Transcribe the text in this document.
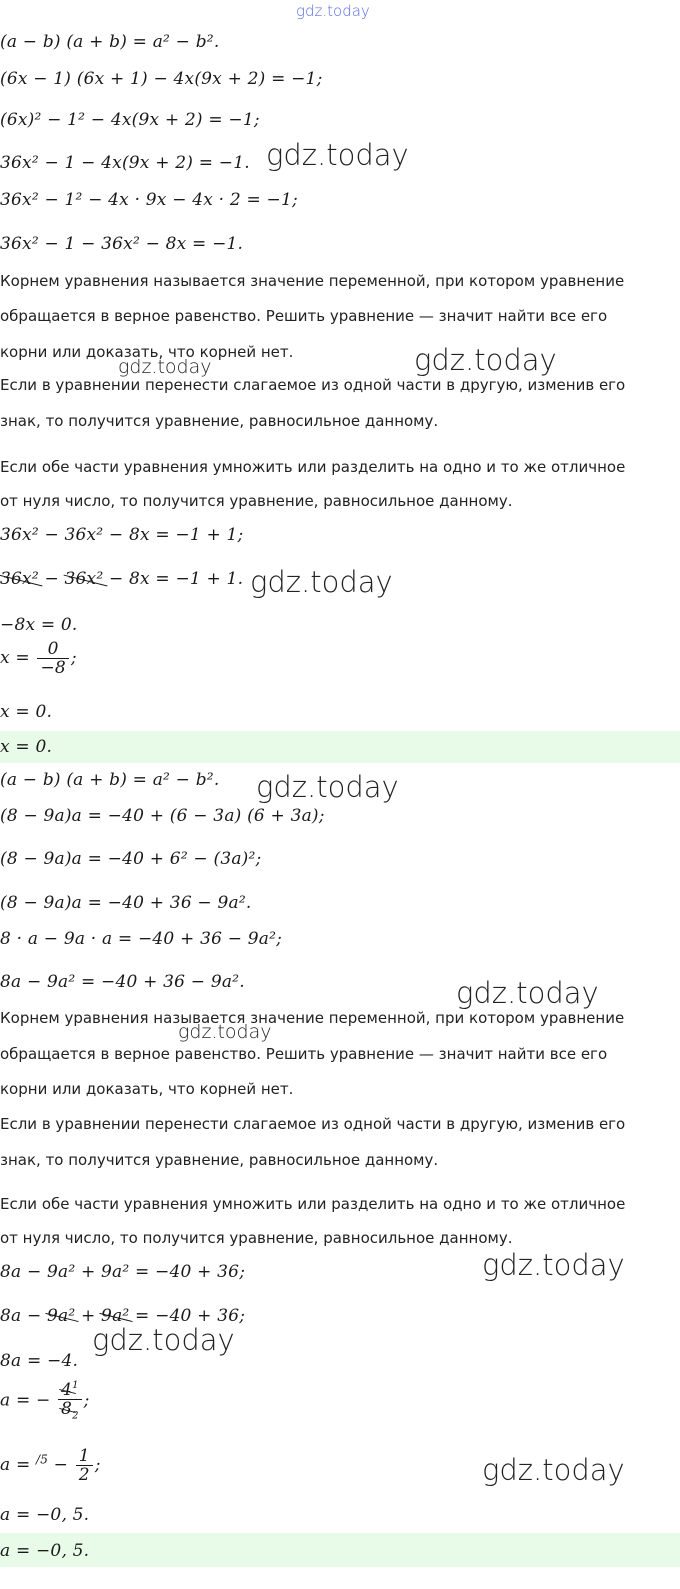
gdz.today
(a − b) (a + b) = a² − b².
(6x − 1) (6x + 1) − 4x(9x + 2) = −1;
(6x)² − 1² − 4x(9x + 2) = −1;
36x² − 1 − 4x(9x + 2) = −1.
36x² − 1² − 4x · 9x − 4x · 2 = −1;
36x² − 1 − 36x² − 8x = −1.
Корнем уравнения называется значение переменной, при котором уравнение
обращается в верное равенство. Решить уравнение — значит найти все его
корни или доказать, что корней нет.
Если в уравнении перенести слагаемое из одной части в другую, изменив его
знак, то получится уравнение, равносильное данному.
Если обе части уравнения умножить или разделить на одно и то же отличное
от нуля число, то получится уравнение, равносильное данному.
36x² − 36x² − 8x = −1 + 1;
36x² − 36x² − 8x = −1 + 1.
−8x = 0.
$x = \frac{0}{-8}$ ;
x = 0.
x = 0.
(a − b) (a + b) = a² − b².
(8 − 9a)a = −40 + (6 − 3a) (6 + 3a);
(8 − 9a)a = −40 + 6² − (3a)²;
(8 − 9a)a = −40 + 36 − 9a².
8 · a − 9a · a = −40 + 36 − 9a²;
8a − 9a² = −40 + 36 − 9a².
Корнем уравнения называется значение переменной, при котором уравнение
обращается в верное равенство. Решить уравнение — значит найти все его
корни или доказать, что корней нет.
Если в уравнении перенести слагаемое из одной части в другую, изменив его
знак, то получится уравнение, равносильное данному.
Если обе части уравнения умножить или разделить на одно и то же отличное
от нуля число, то получится уравнение, равносильное данному.
8a − 9a² + 9a² = −40 + 36;
8a − 9a² + 9a² = −40 + 36;
8a = −4.
a = − $\frac{4^1}{8_2}$ ;
$a = ^{/5} - \frac{1}{2}$ ;
a = −0, 5.
a = −0, 5.
gdz.today
gdz.today	gdz.today
gdz.today
gdz.today
gdz.today
gdz.today
gdz.today
gdz.today
gdz.today
